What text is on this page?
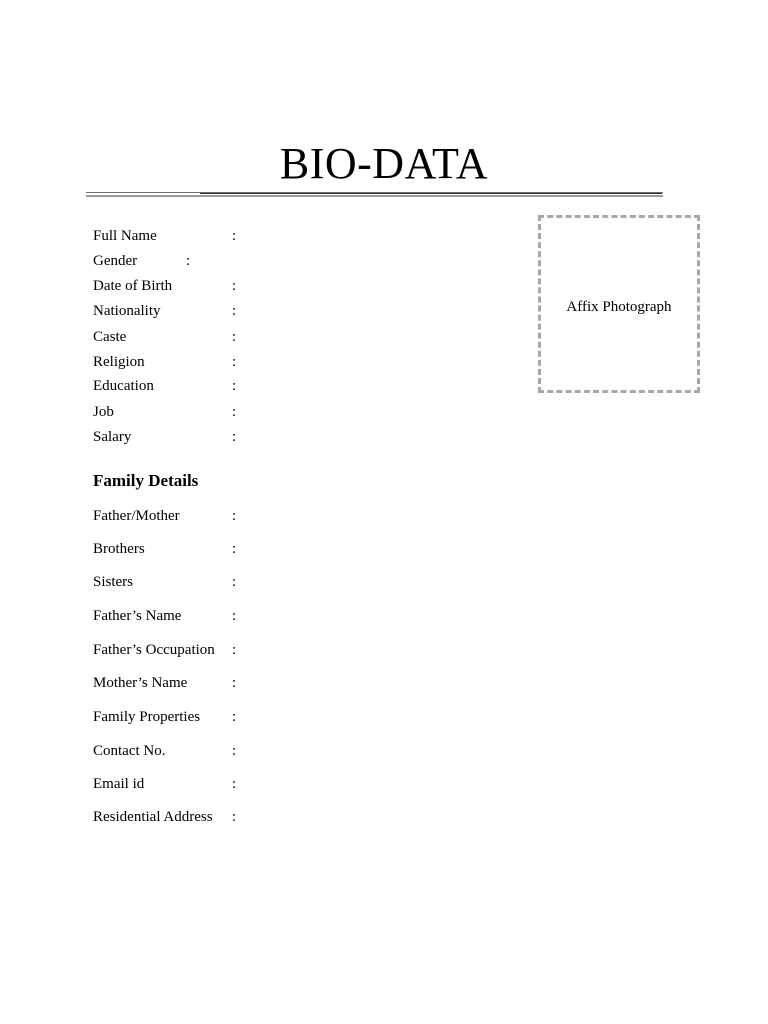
BIO-DATA
Full Name	:
Gender	:
Date of Birth	:
Nationality	:
Caste	:
Religion	:
Education	:
Job	:
Salary	:
Family Details
Father/Mother	:
Brothers	:
Sisters	:
Father’s Name	:
Father’s Occupation :
Mother’s Name	:
Family Properties :
Contact No.	:
Email id	:
Residential Address :
Affix Photograph
